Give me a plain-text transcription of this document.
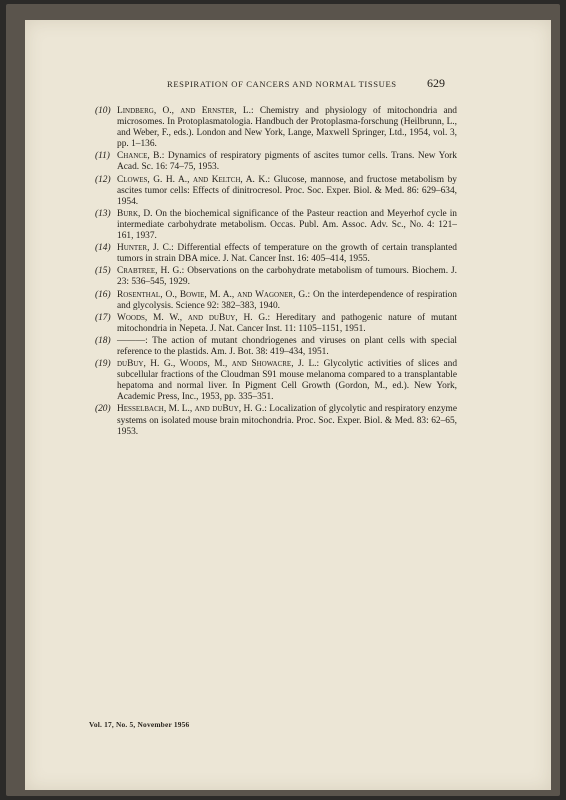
RESPIRATION OF CANCERS AND NORMAL TISSUES	629
(10) Lindberg, O., and Ernster, L.: Chemistry and physiology of mitochondria and microsomes. In Protoplasmatologia. Handbuch der Protoplasma-forschung (Heilbrunn, L., and Weber, F., eds.). London and New York, Lange, Maxwell Springer, Ltd., 1954, vol. 3, pp. 1–136.
(11) Chance, B.: Dynamics of respiratory pigments of ascites tumor cells. Trans. New York Acad. Sc. 16: 74–75, 1953.
(12) Clowes, G. H. A., and Keltch, A. K.: Glucose, mannose, and fructose metabolism by ascites tumor cells: Effects of dinitrocresol. Proc. Soc. Exper. Biol. & Med. 86: 629–634, 1954.
(13) Burk, D. On the biochemical significance of the Pasteur reaction and Meyerhof cycle in intermediate carbohydrate metabolism. Occas. Publ. Am. Assoc. Adv. Sc., No. 4: 121–161, 1937.
(14) Hunter, J. C.: Differential effects of temperature on the growth of certain transplanted tumors in strain DBA mice. J. Nat. Cancer Inst. 16: 405–414, 1955.
(15) Crabtree, H. G.: Observations on the carbohydrate metabolism of tumours. Biochem. J. 23: 536–545, 1929.
(16) Rosenthal, O., Bowie, M. A., and Wagoner, G.: On the interdependence of respiration and glycolysis. Science 92: 382–383, 1940.
(17) Woods, M. W., and duBuy, H. G.: Hereditary and pathogenic nature of mutant mitochondria in Nepeta. J. Nat. Cancer Inst. 11: 1105–1151, 1951.
(18) ———: The action of mutant chondriogenes and viruses on plant cells with special reference to the plastids. Am. J. Bot. 38: 419–434, 1951.
(19) duBuy, H. G., Woods, M., and Showacre, J. L.: Glycolytic activities of slices and subcellular fractions of the Cloudman S91 mouse melanoma compared to a transplantable hepatoma and normal liver. In Pigment Cell Growth (Gordon, M., ed.). New York, Academic Press, Inc., 1953, pp. 335–351.
(20) Hesselbach, M. L., and duBuy, H. G.: Localization of glycolytic and respiratory enzyme systems on isolated mouse brain mitochondria. Proc. Soc. Exper. Biol. & Med. 83: 62–65, 1953.
Vol. 17, No. 5, November 1956
